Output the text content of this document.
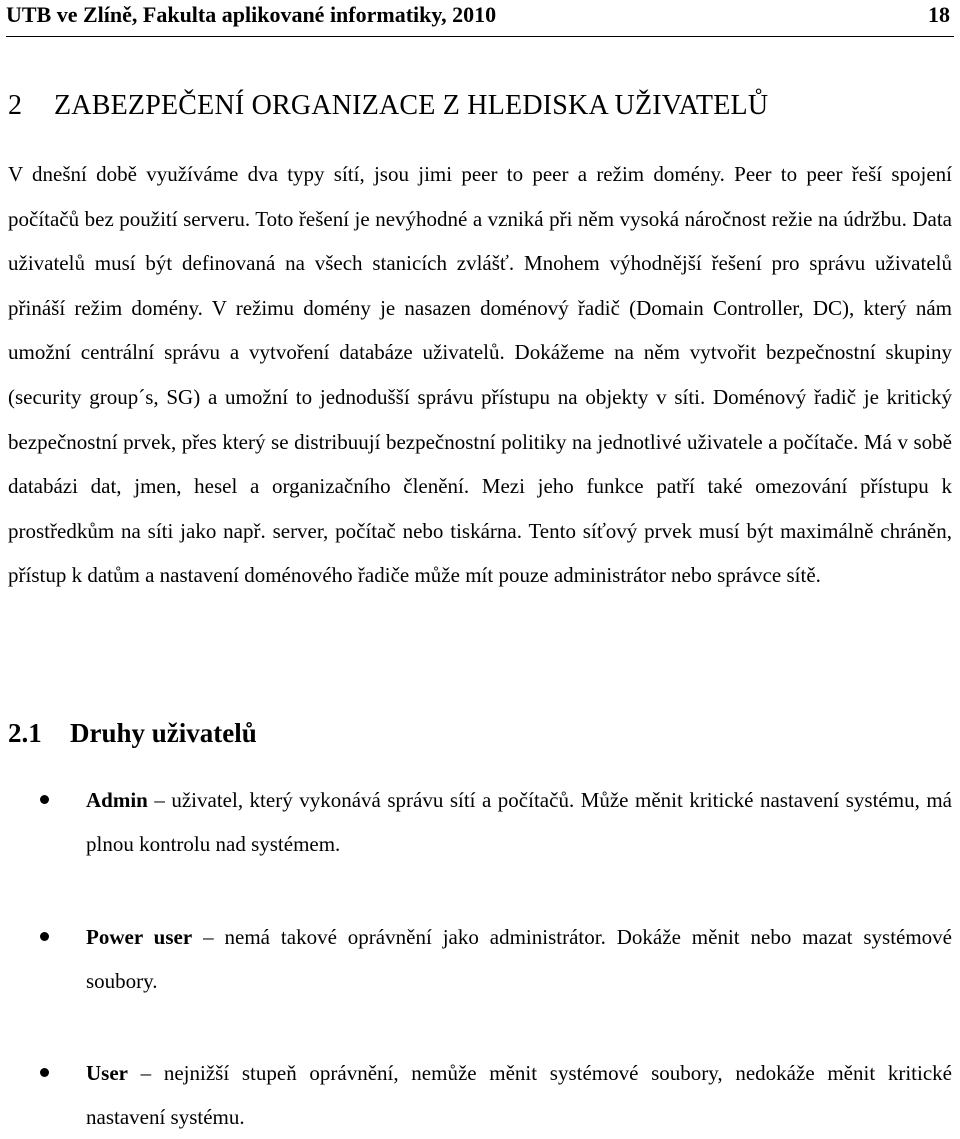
UTB ve Zlíně, Fakulta aplikované informatiky, 2010	18
2 ZABEZPEČENÍ ORGANIZACE Z HLEDISKA UŽIVATELŮ

V dnešní době využíváme dva typy sítí, jsou jimi peer to peer a režim domény. Peer to peer řeší spojení počítačů bez použití serveru. Toto řešení je nevýhodné a vzniká při něm vysoká náročnost režie na údržbu. Data uživatelů musí být definovaná na všech stanicích zvlášť. Mnohem výhodnější řešení pro správu uživatelů přináší režim domény. V režimu domény je nasazen doménový řadič (Domain Controller, DC), který nám umožní centrální správu a vytvoření databáze uživatelů. Dokážeme na něm vytvořit bezpečnostní skupiny (security group´s, SG) a umožní to jednodušší správu přístupu na objekty v síti. Doménový řadič je kritický bezpečnostní prvek, přes který se distribuují bezpečnostní politiky na jednotlivé uživatele a počítače. Má v sobě databázi dat, jmen, hesel a organizačního členění. Mezi jeho funkce patří také omezování přístupu k prostředkům na síti jako např. server, počítač nebo tiskárna. Tento síťový prvek musí být maximálně chráněn, přístup k datům a nastavení doménového řadiče může mít pouze administrátor nebo správce sítě.

2.1 Druhy uživatelů

Admin – uživatel, který vykonává správu sítí a počítačů. Může měnit kritické nastavení systému, má plnou kontrolu nad systémem.

Power user – nemá takové oprávnění jako administrátor. Dokáže měnit nebo mazat systémové soubory.

User – nejnižší stupeň oprávnění, nemůže měnit systémové soubory, nedokáže měnit kritické nastavení systému.
